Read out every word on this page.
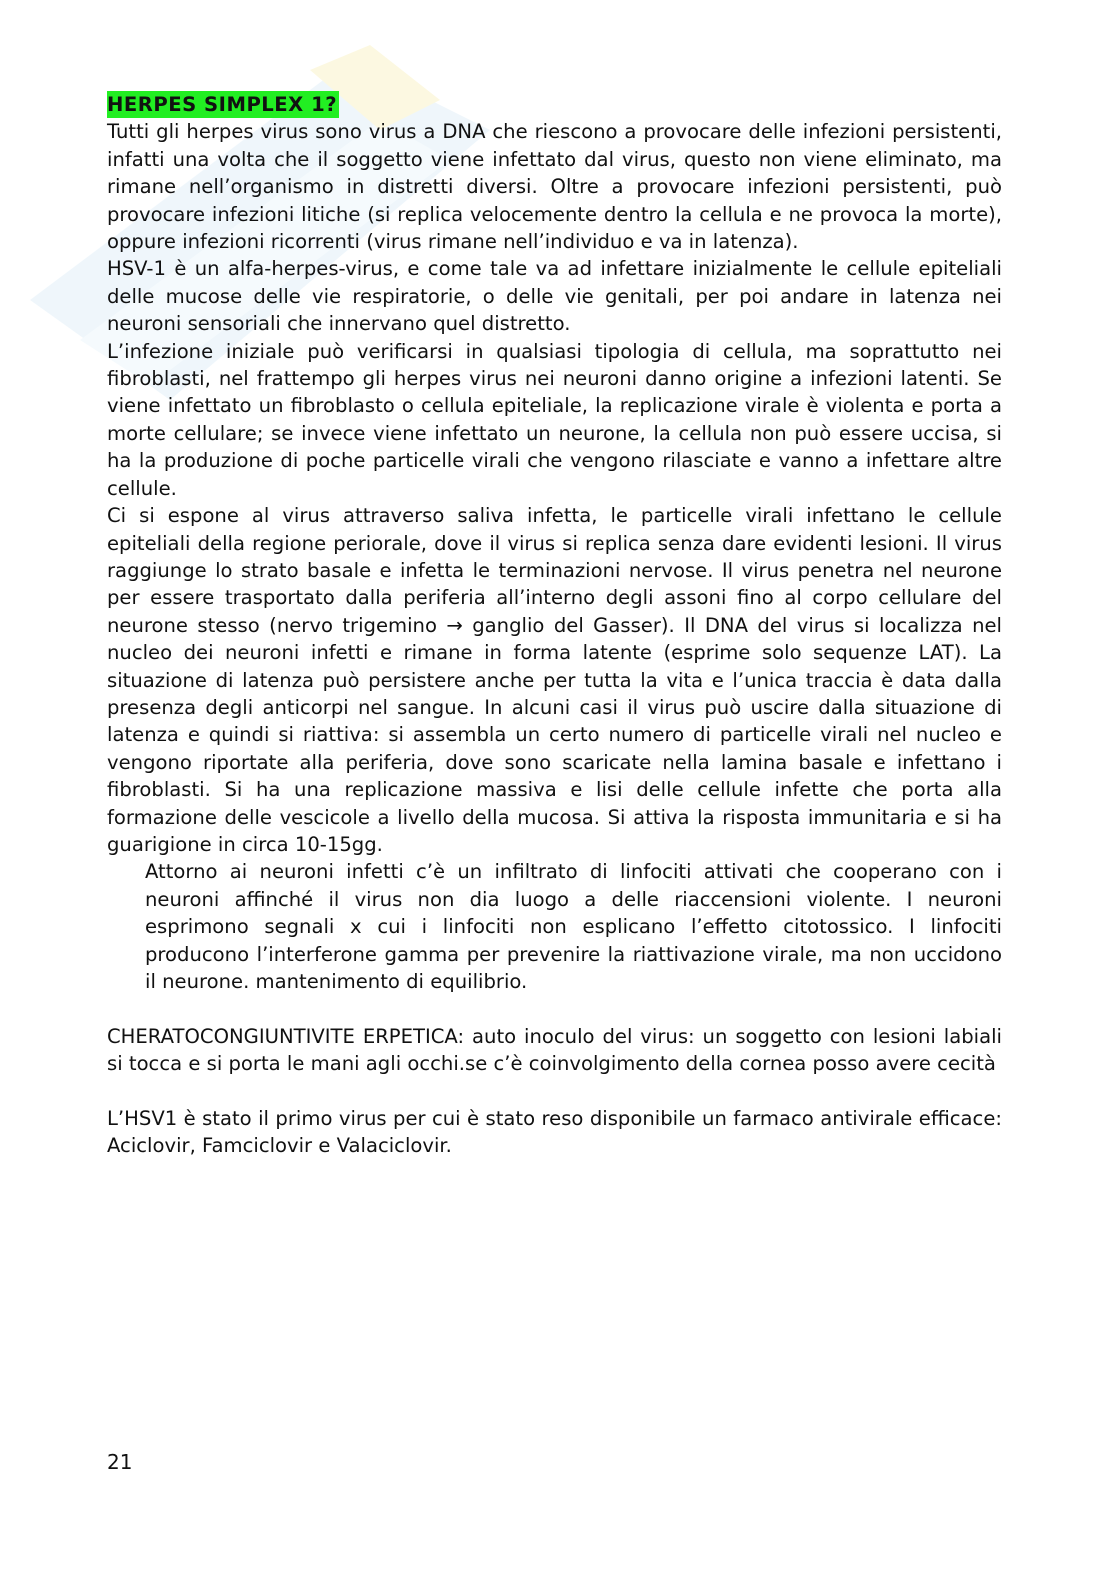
HERPES SIMPLEX 1?

Tutti gli herpes virus sono virus a DNA che riescono a provocare delle infezioni persistenti, infatti una volta che il soggetto viene infettato dal virus, questo non viene eliminato, ma rimane nell’organismo in distretti diversi. Oltre a provocare infezioni persistenti, può provocare infezioni litiche (si replica velocemente dentro la cellula e ne provoca la morte), oppure infezioni ricorrenti (virus rimane nell’individuo e va in latenza).

HSV-1 è un alfa-herpes-virus, e come tale va ad infettare inizialmente le cellule epiteliali delle mucose delle vie respiratorie, o delle vie genitali, per poi andare in latenza nei neuroni sensoriali che innervano quel distretto.

L’infezione iniziale può verificarsi in qualsiasi tipologia di cellula, ma soprattutto nei fibroblasti, nel frattempo gli herpes virus nei neuroni danno origine a infezioni latenti. Se viene infettato un fibroblasto o cellula epiteliale, la replicazione virale è violenta e porta a morte cellulare; se invece viene infettato un neurone, la cellula non può essere uccisa, si ha la produzione di poche particelle virali che vengono rilasciate e vanno a infettare altre cellule.

Ci si espone al virus attraverso saliva infetta, le particelle virali infettano le cellule epiteliali della regione periorale, dove il virus si replica senza dare evidenti lesioni. Il virus raggiunge lo strato basale e infetta le terminazioni nervose. Il virus penetra nel neurone per essere trasportato dalla periferia all’interno degli assoni fino al corpo cellulare del neurone stesso (nervo trigemino → ganglio del Gasser). Il DNA del virus si localizza nel nucleo dei neuroni infetti e rimane in forma latente (esprime solo sequenze LAT). La situazione di latenza può persistere anche per tutta la vita e l’unica traccia è data dalla presenza degli anticorpi nel sangue. In alcuni casi il virus può uscire dalla situazione di latenza e quindi si riattiva: si assembla un certo numero di particelle virali nel nucleo e vengono riportate alla periferia, dove sono scaricate nella lamina basale e infettano i fibroblasti. Si ha una replicazione massiva e lisi delle cellule infette che porta alla formazione delle vescicole a livello della mucosa. Si attiva la risposta immunitaria e si ha guarigione in circa 10-15gg.

Attorno ai neuroni infetti c’è un infiltrato di linfociti attivati che cooperano con i neuroni affinché il virus non dia luogo a delle riaccensioni violente. I neuroni esprimono segnali x cui i linfociti non esplicano l’effetto citotossico. I linfociti producono l’interferone gamma per prevenire la riattivazione virale, ma non uccidono il neurone. mantenimento di equilibrio.

CHERATOCONGIUNTIVITE ERPETICA: auto inoculo del virus: un soggetto con lesioni labiali si tocca e si porta le mani agli occhi.se c’è coinvolgimento della cornea posso avere cecità

L’HSV1 è stato il primo virus per cui è stato reso disponibile un farmaco antivirale efficace: Aciclovir, Famciclovir e Valaciclovir.

21
